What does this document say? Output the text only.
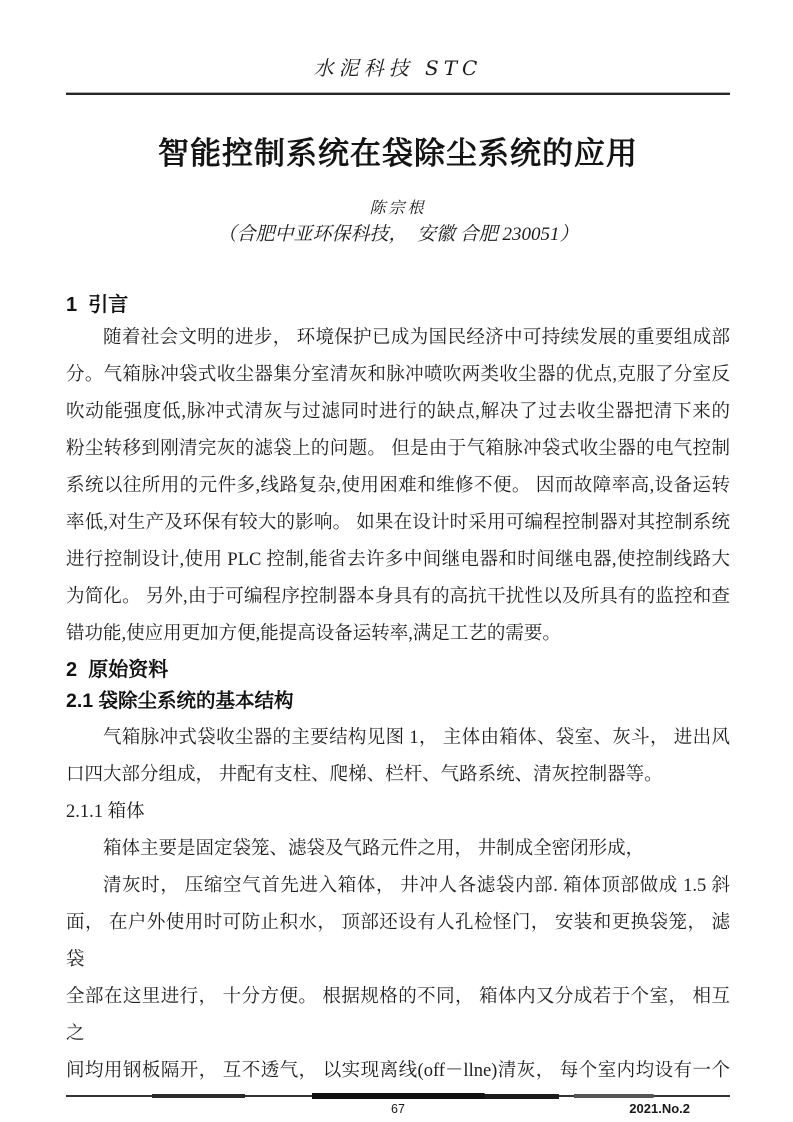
水泥科技 STC
智能控制系统在袋除尘系统的应用
陈宗根
（合肥中亚环保科技，  安徽 合肥 230051）
1  引言
随着社会文明的进步， 环境保护已成为国民经济中可持续发展的重要组成部
分。气箱脉冲袋式收尘器集分室清灰和脉冲喷吹两类收尘器的优点,克服了分室反
吹动能强度低,脉冲式清灰与过滤同时进行的缺点,解决了过去收尘器把清下来的
粉尘转移到刚清完灰的滤袋上的问题。 但是由于气箱脉冲袋式收尘器的电气控制
系统以往所用的元件多,线路复杂,使用困难和维修不便。 因而故障率高,设备运转
率低,对生产及环保有较大的影响。 如果在设计时采用可编程控制器对其控制系统
进行控制设计,使用 PLC 控制,能省去许多中间继电器和时间继电器,使控制线路大
为简化。 另外,由于可编程序控制器本身具有的高抗干扰性以及所具有的监控和查
错功能,使应用更加方便,能提高设备运转率,满足工艺的需要。
2  原始资料
2.1 袋除尘系统的基本结构
气箱脉冲式袋收尘器的主要结构见图 1， 主体由箱体、袋室、灰斗， 进出风
口四大部分组成， 井配有支柱、爬梯、栏杆、气路系统、清灰控制器等。
2.1.1 箱体
箱体主要是固定袋笼、滤袋及气路元件之用， 井制成全密闭形成，
清灰时， 压缩空气首先进入箱体， 井冲人各滤袋内部. 箱体顶部做成 1.5 斜
面， 在户外使用时可防止积水， 顶部还设有人孔检怪门， 安装和更换袋笼， 滤袋
全部在这里进行， 十分方便。 根据规格的不同， 箱体内又分成若于个室， 相互之
间均用钢板隔开， 互不透气， 以实现离线(off－llne)清灰， 每个室内均设有一个
67	2021.No.2
